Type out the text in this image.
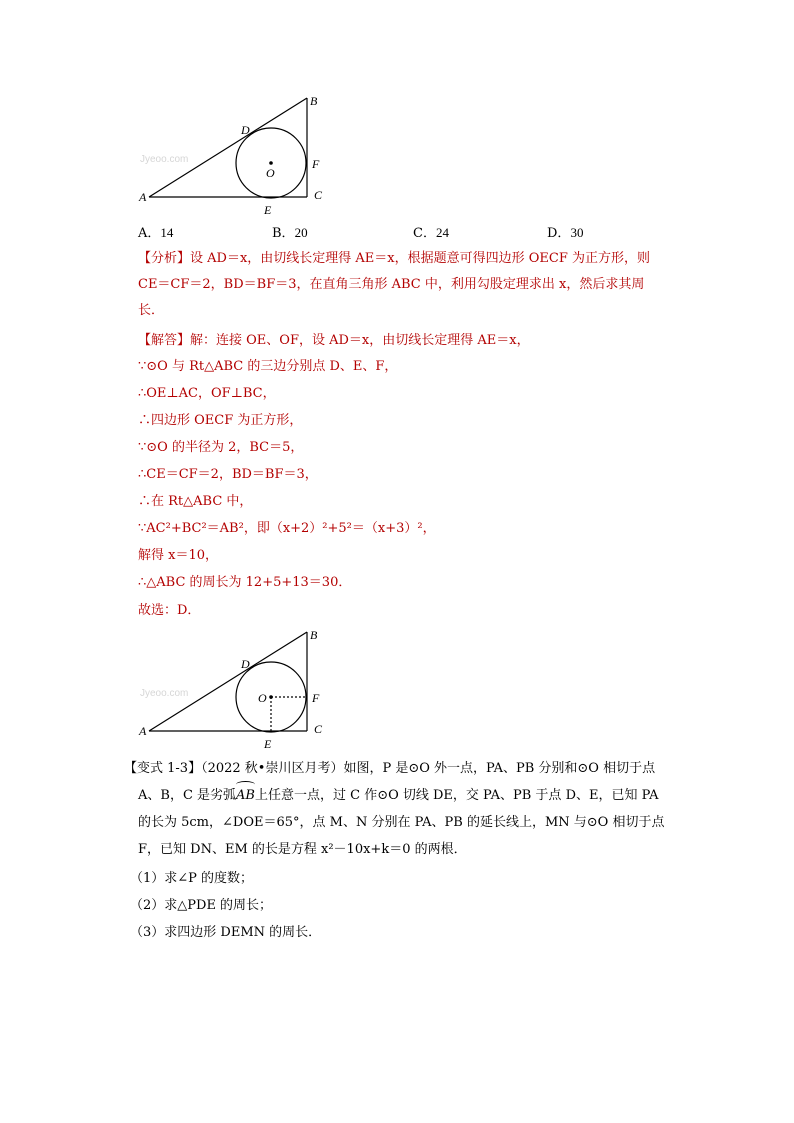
Jyeoo.com
A
B
C
D
E
F
O
A．14	B．20	C．24	D．30
【分析】设 AD＝x，由切线长定理得 AE＝x，根据题意可得四边形 OECF 为正方形，则
CE＝CF＝2，BD＝BF＝3，在直角三角形 ABC 中，利用勾股定理求出 x，然后求其周
长．
【解答】解：连接 OE、OF，设 AD＝x，由切线长定理得 AE＝x，
∵⊙O 与 Rt△ABC 的三边分别点 D、E、F，
∴OE⊥AC，OF⊥BC，
∴四边形 OECF 为正方形，
∵⊙O 的半径为 2，BC＝5，
∴CE＝CF＝2，BD＝BF＝3，
∴在 Rt△ABC 中，
∵AC²+BC²＝AB²，即（x+2）²+5²＝（x+3）²，
解得 x＝10，
∴△ABC 的周长为 12+5+13＝30．
故选：D．
Jyeoo.com
A
B
C
D
E
F
O
【变式 1-3】（2022 秋•崇川区月考）如图，P 是⊙O 外一点，PA、PB 分别和⊙O 相切于点
A、B，C 是劣弧
AB上任意一点，过 C 作⊙O 切线 DE，交 PA、PB 于点 D、E，已知 PA
的长为 5cm，∠DOE＝65°，点 M、N 分别在 PA、PB 的延长线上，MN 与⊙O 相切于点
F，已知 DN、EM 的长是方程 x²－10x+k＝0 的两根．
（1）求∠P 的度数；
（2）求△PDE 的周长；
（3）求四边形 DEMN 的周长．
